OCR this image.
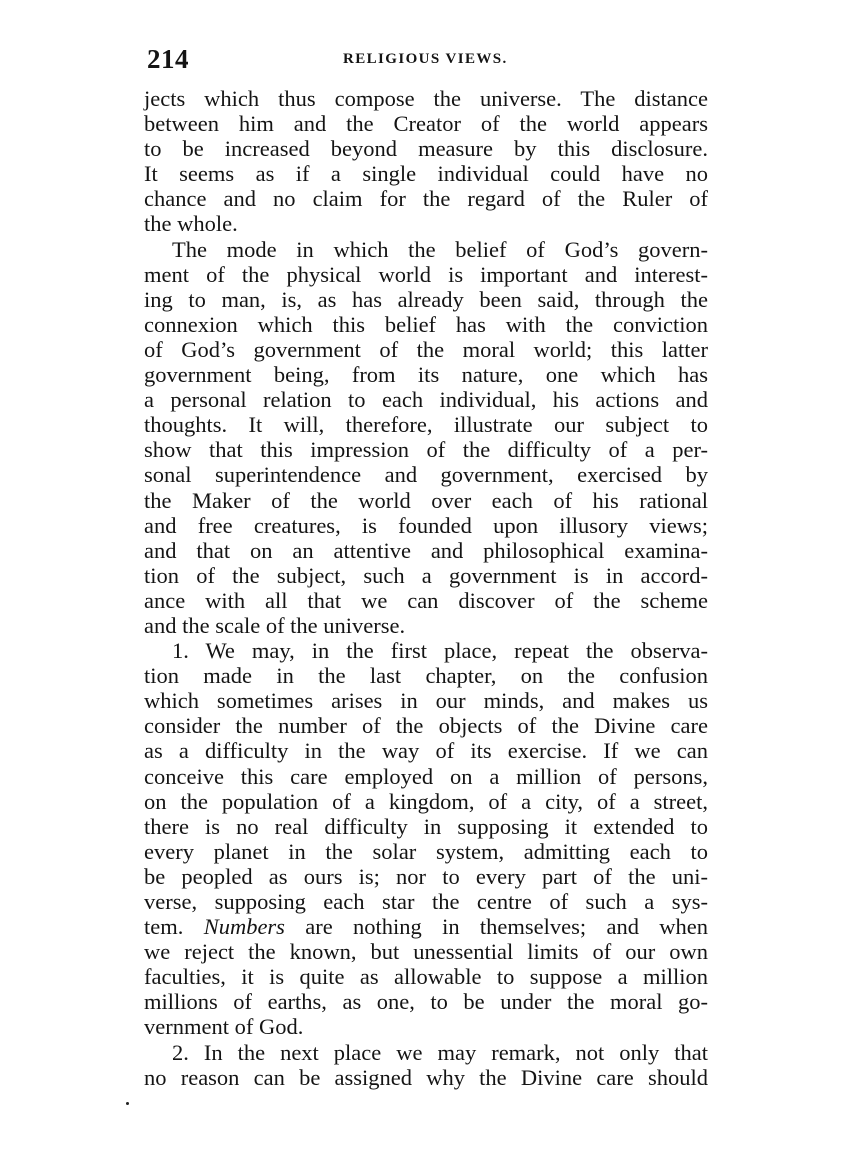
214	RELIGIOUS VIEWS.
jects which thus compose the universe. The distance
between him and the Creator of the world appears
to be increased beyond measure by this disclosure.
It seems as if a single individual could have no
chance and no claim for the regard of the Ruler of
the whole.
The mode in which the belief of God’s govern-
ment of the physical world is important and interest-
ing to man, is, as has already been said, through the
connexion which this belief has with the conviction
of God’s government of the moral world; this latter
government being, from its nature, one which has
a personal relation to each individual, his actions and
thoughts. It will, therefore, illustrate our subject to
show that this impression of the difficulty of a per-
sonal superintendence and government, exercised by
the Maker of the world over each of his rational
and free creatures, is founded upon illusory views;
and that on an attentive and philosophical examina-
tion of the subject, such a government is in accord-
ance with all that we can discover of the scheme
and the scale of the universe.
1. We may, in the first place, repeat the observa-
tion made in the last chapter, on the confusion
which sometimes arises in our minds, and makes us
consider the number of the objects of the Divine care
as a difficulty in the way of its exercise. If we can
conceive this care employed on a million of persons,
on the population of a kingdom, of a city, of a street,
there is no real difficulty in supposing it extended to
every planet in the solar system, admitting each to
be peopled as ours is; nor to every part of the uni-
verse, supposing each star the centre of such a sys-
tem. Numbers are nothing in themselves; and when
we reject the known, but unessential limits of our own
faculties, it is quite as allowable to suppose a million
millions of earths, as one, to be under the moral go-
vernment of God.
2. In the next place we may remark, not only that
no reason can be assigned why the Divine care should
